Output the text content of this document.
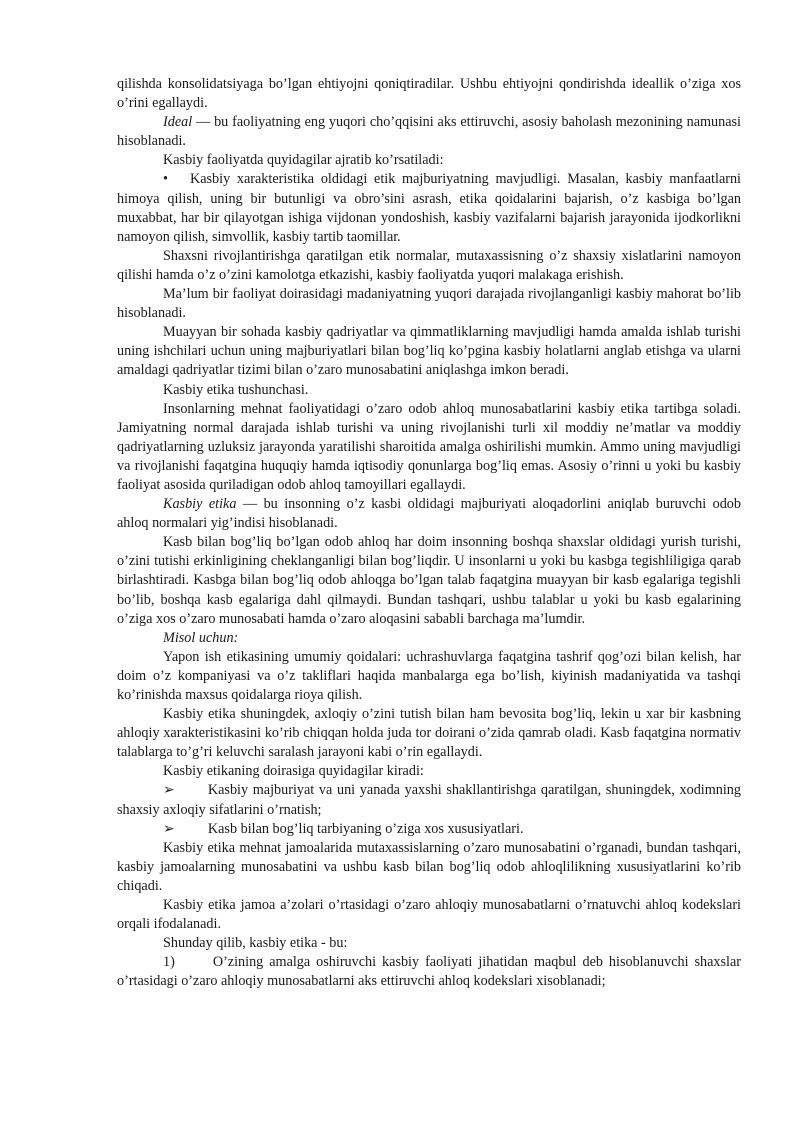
qilishda konsolidatsiyaga bo’lgan ehtiyojni qoniqtiradilar. Ushbu ehtiyojni qondirishda ideallik o’ziga xos o’rini egallaydi.

Ideal — bu faoliyatning eng yuqori cho’qqisini aks ettiruvchi, asosiy baholash mezonining namunasi hisoblanadi.

Kasbiy faoliyatda quyidagilar ajratib ko’rsatiladi:

• Kasbiy xarakteristika oldidagi etik majburiyatning mavjudligi. Masalan, kasbiy manfaatlarni himoya qilish, uning bir butunligi va obro’sini asrash, etika qoidalarini bajarish, o’z kasbiga bo’lgan muxabbat, har bir qilayotgan ishiga vijdonan yondoshish, kasbiy vazifalarni bajarish jarayonida ijodkorlikni namoyon qilish, simvollik, kasbiy tartib taomillar.

Shaxsni rivojlantirishga qaratilgan etik normalar, mutaxassisning o’z shaxsiy xislatlarini namoyon qilishi hamda o’z o’zini kamolotga etkazishi, kasbiy faoliyatda yuqori malakaga erishish.

Ma’lum bir faoliyat doirasidagi madaniyatning yuqori darajada rivojlanganligi kasbiy mahorat bo’lib hisoblanadi.

Muayyan bir sohada kasbiy qadriyatlar va qimmatliklarning mavjudligi hamda amalda ishlab turishi uning ishchilari uchun uning majburiyatlari bilan bog’liq ko’pgina kasbiy holatlarni anglab etishga va ularni amaldagi qadriyatlar tizimi bilan o’zaro munosabatini aniqlashga imkon beradi.

Kasbiy etika tushunchasi.

Insonlarning mehnat faoliyatidagi o’zaro odob ahloq munosabatlarini kasbiy etika tartibga soladi. Jamiyatning normal darajada ishlab turishi va uning rivojlanishi turli xil moddiy ne’matlar va moddiy qadriyatlarning uzluksiz jarayonda yaratilishi sharoitida amalga oshirilishi mumkin. Ammo uning mavjudligi va rivojlanishi faqatgina huquqiy hamda iqtisodiy qonunlarga bog’liq emas. Asosiy o’rinni u yoki bu kasbiy faoliyat asosida quriladigan odob ahloq tamoyillari egallaydi.

Kasbiy etika — bu insonning o’z kasbi oldidagi majburiyati aloqadorlini aniqlab buruvchi odob ahloq normalari yig’indisi hisoblanadi.

Kasb bilan bog’liq bo’lgan odob ahloq har doim insonning boshqa shaxslar oldidagi yurish turishi, o’zini tutishi erkinligining cheklanganligi bilan bog’liqdir. U insonlarni u yoki bu kasbga tegishliligiga qarab birlashtiradi. Kasbga bilan bog’liq odob ahloqga bo’lgan talab faqatgina muayyan bir kasb egalariga tegishli bo’lib, boshqa kasb egalariga dahl qilmaydi. Bundan tashqari, ushbu talablar u yoki bu kasb egalarining o’ziga xos o’zaro munosabati hamda o’zaro aloqasini sababli barchaga ma’lumdir.

Misol uchun:

Yapon ish etikasining umumiy qoidalari: uchrashuvlarga faqatgina tashrif qog’ozi bilan kelish, har doim o’z kompaniyasi va o’z takliflari haqida manbalarga ega bo’lish, kiyinish madaniyatida va tashqi ko’rinishda maxsus qoidalarga rioya qilish.

Kasbiy etika shuningdek, axloqiy o’zini tutish bilan ham bevosita bog’liq, lekin u xar bir kasbning ahloqiy xarakteristikasini ko’rib chiqqan holda juda tor doirani o’zida qamrab oladi. Kasb faqatgina normativ talablarga to’g’ri keluvchi saralash jarayoni kabi o’rin egallaydi.

Kasbiy etikaning doirasiga quyidagilar kiradi:

➢ Kasbiy majburiyat va uni yanada yaxshi shakllantirishga qaratilgan, shuningdek, xodimning shaxsiy axloqiy sifatlarini o’rnatish;

➢ Kasb bilan bog’liq tarbiyaning o’ziga xos xususiyatlari.

Kasbiy etika mehnat jamoalarida mutaxassislarning o’zaro munosabatini o’rganadi, bundan tashqari, kasbiy jamoalarning munosabatini va ushbu kasb bilan bog’liq odob ahloqlilikning xususiyatlarini ko’rib chiqadi.

Kasbiy etika jamoa a’zolari o’rtasidagi o’zaro ahloqiy munosabatlarni o’rnatuvchi ahloq kodekslari orqali ifodalanadi.

Shunday qilib, kasbiy etika - bu:

1)	O’zining amalga oshiruvchi kasbiy faoliyati jihatidan maqbul deb hisoblanuvchi shaxslar o’rtasidagi o’zaro ahloqiy munosabatlarni aks ettiruvchi ahloq kodekslari xisoblanadi;
